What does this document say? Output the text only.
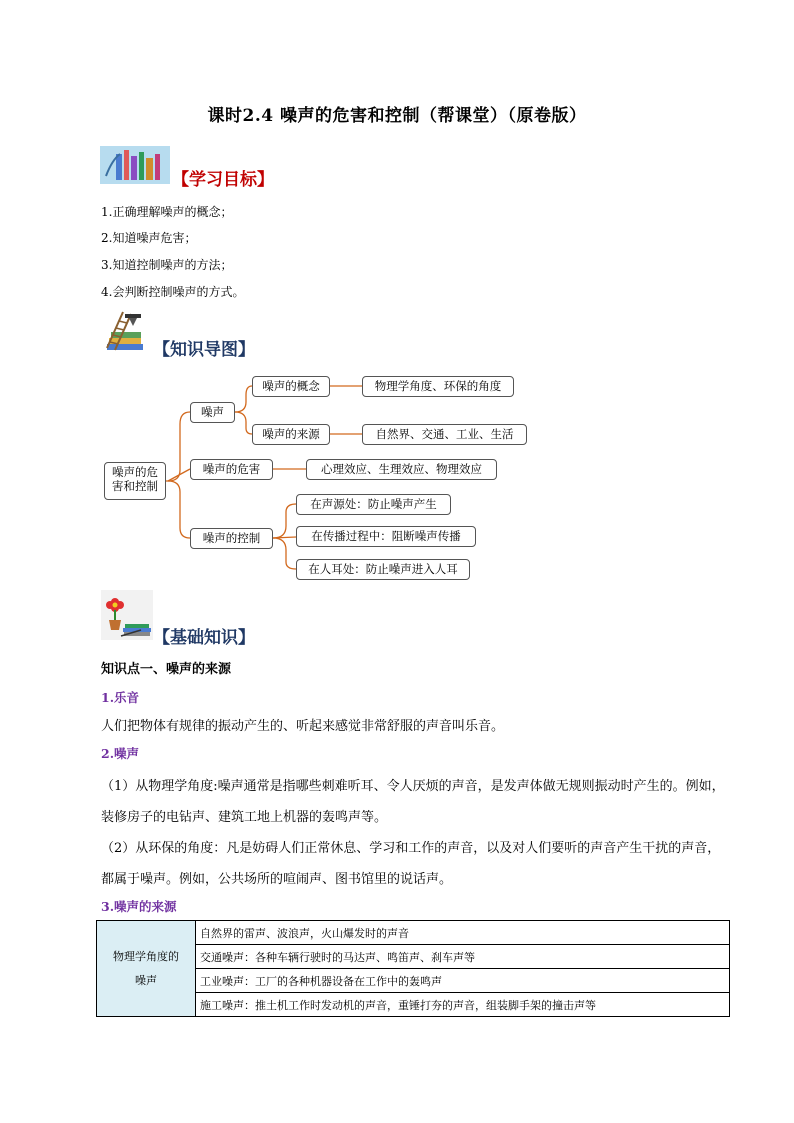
课时2.4 噪声的危害和控制（帮课堂）（原卷版）
【学习目标】
1.正确理解噪声的概念；
2.知道噪声危害；
3.知道控制噪声的方法；
4.会判断控制噪声的方式。
【知识导图】
噪声的危
害和控制
噪声
噪声的概念	物理学角度、环保的角度
噪声的来源	自然界、交通、工业、生活
噪声的危害	心理效应、生理效应、物理效应
噪声的控制
在声源处：防止噪声产生
在传播过程中：阻断噪声传播
在人耳处：防止噪声进入人耳
【基础知识】
知识点一、噪声的来源
1.乐音
人们把物体有规律的振动产生的、听起来感觉非常舒服的声音叫乐音。
2.噪声
（1）从物理学角度:噪声通常是指哪些刺难听耳、令人厌烦的声音，是发声体做无规则振动时产生的。例如，装修房子的电钻声、建筑工地上机器的轰鸣声等。
（2）从环保的角度：凡是妨碍人们正常休息、学习和工作的声音，以及对人们要听的声音产生干扰的声音，都属于噪声。例如，公共场所的喧闹声、图书馆里的说话声。
3.噪声的来源
物理学角度的
噪声
	自然界的雷声、波浪声，火山爆发时的声音
交通噪声：各种车辆行驶时的马达声、鸣笛声、刹车声等
工业噪声：工厂的各种机器设备在工作中的轰鸣声
施工噪声：推土机工作时发动机的声音，重锤打夯的声音，组装脚手架的撞击声等
